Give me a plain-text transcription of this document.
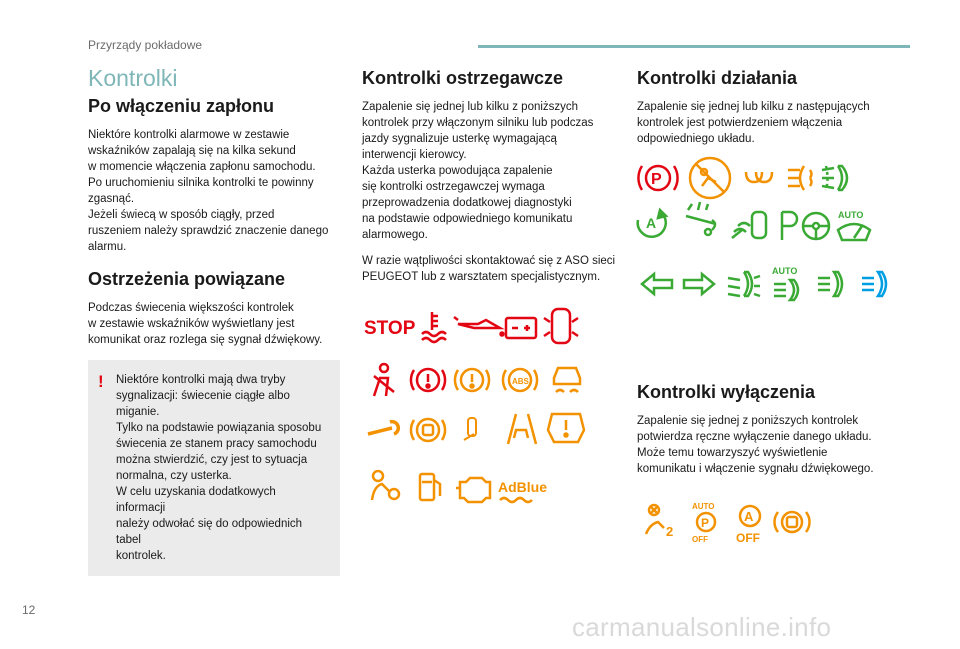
Przyrządy pokładowe
Kontrolki
Po włączeniu zapłonu

Niektóre kontrolki alarmowe w zestawie
wskaźników zapalają się na kilka sekund
w momencie włączenia zapłonu samochodu.
Po uruchomieniu silnika kontrolki te powinny
zgasnąć.
Jeżeli świecą w sposób ciągły, przed
ruszeniem należy sprawdzić znaczenie danego
alarmu.

Ostrzeżenia powiązane

Podczas świecenia większości kontrolek
w zestawie wskaźników wyświetlany jest
komunikat oraz rozlega się sygnał dźwiękowy.

! Niektóre kontrolki mają dwa tryby
sygnalizacji: świecenie ciągłe albo miganie.
Tylko na podstawie powiązania sposobu
świecenia ze stanem pracy samochodu
można stwierdzić, czy jest to sytuacja
normalna, czy usterka.
W celu uzyskania dodatkowych informacji
należy odwołać się do odpowiednich tabel
kontrolek.

Kontrolki ostrzegawcze

Zapalenie się jednej lub kilku z poniższych
kontrolek przy włączonym silniku lub podczas
jazdy sygnalizuje usterkę wymagającą
interwencji kierowcy.
Każda usterka powodująca zapalenie
się kontrolki ostrzegawczej wymaga
przeprowadzenia dodatkowej diagnostyki
na podstawie odpowiedniego komunikatu
alarmowego.

W razie wątpliwości skontaktować się z ASO sieci
PEUGEOT lub z warsztatem specjalistycznym.

STOP
ABS
AdBlue
Kontrolki działania

Zapalenie się jednej lub kilku z następujących
kontrolek jest potwierdzeniem włączenia
odpowiedniego układu.

Kontrolki wyłączenia

Zapalenie się jednej z poniższych kontrolek
potwierdza ręczne wyłączenie danego układu.
Może temu towarzyszyć wyświetlenie
komunikatu i włączenie sygnału dźwiękowego.

P
A	AUTO
AUTO
2
AUTO
P
OFF
A
OFF
12
carmanualsonline.info
